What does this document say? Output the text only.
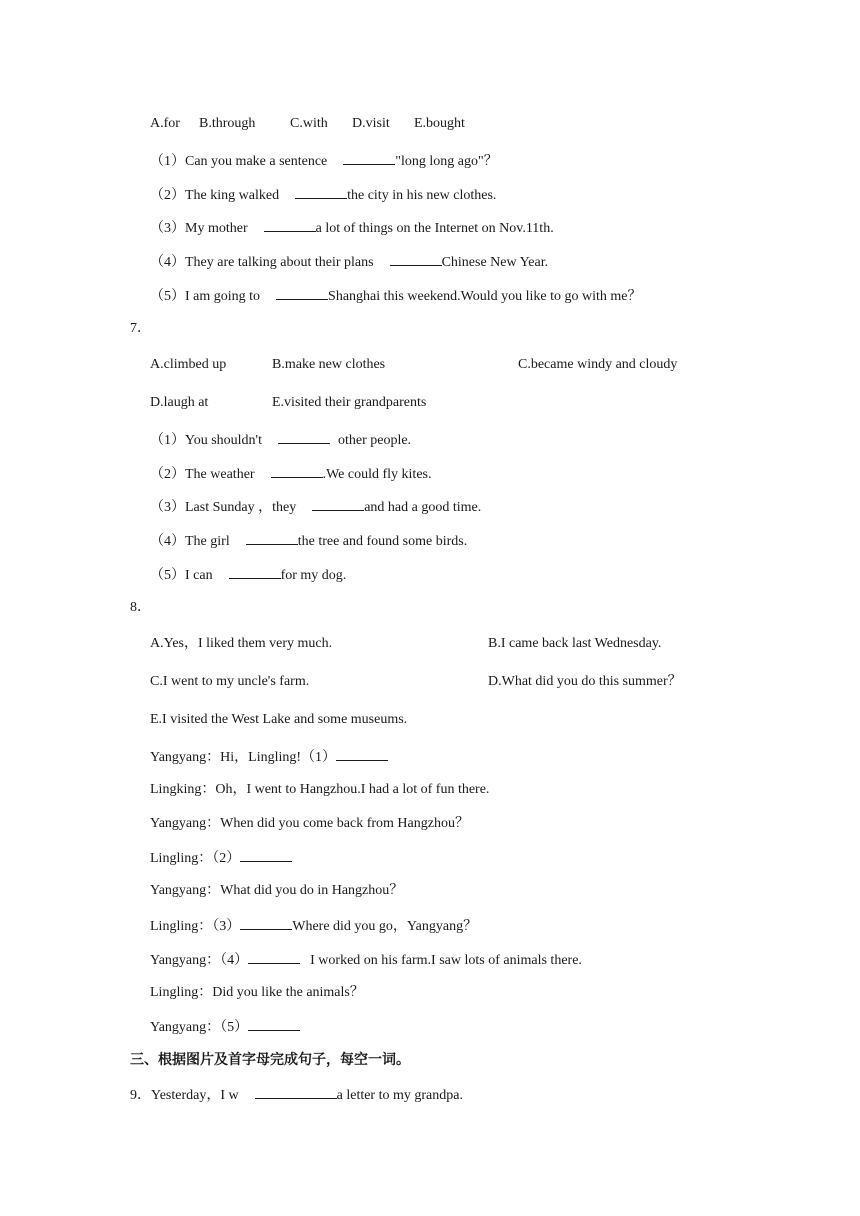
A.for B.through C.with D.visit E.bought
（1）Can you make a sentence	"long long ago"？
（2）The king walked	the city in his new clothes.
（3）My mother	a lot of things on the Internet on Nov.11th.
（4）They are talking about their plans	Chinese New Year.
（5）I am going to	Shanghai this weekend.Would you like to go with me？
7．
A.climbed up	B.make new clothes	C.became windy and cloudy
D.laugh at	E.visited their grandparents
（1）You shouldn't	other people.
（2）The weather	.We could fly kites.
（3）Last Sunday ，they	and had a good time.
（4）The girl	the tree and found some birds.
（5）I can	for my dog.
8．
A.Yes，I liked them very much.	B.I came back last Wednesday.
C.I went to my uncle's farm.	D.What did you do this summer？
E.I visited the West Lake and some museums.
Yangyang：Hi，Lingling!（1）
Lingking：Oh，I went to Hangzhou.I had a lot of fun there.
Yangyang：When did you come back from Hangzhou？
Lingling：（2）
Yangyang：What did you do in Hangzhou？
Lingling：（3）	Where did you go，Yangyang？
Yangyang：（4）	I worked on his farm.I saw lots of animals there.
Lingling：Did you like the animals？
Yangyang：（5）
三、根据图片及首字母完成句子，每空一词。
9．Yesterday，I w	a letter to my grandpa.
